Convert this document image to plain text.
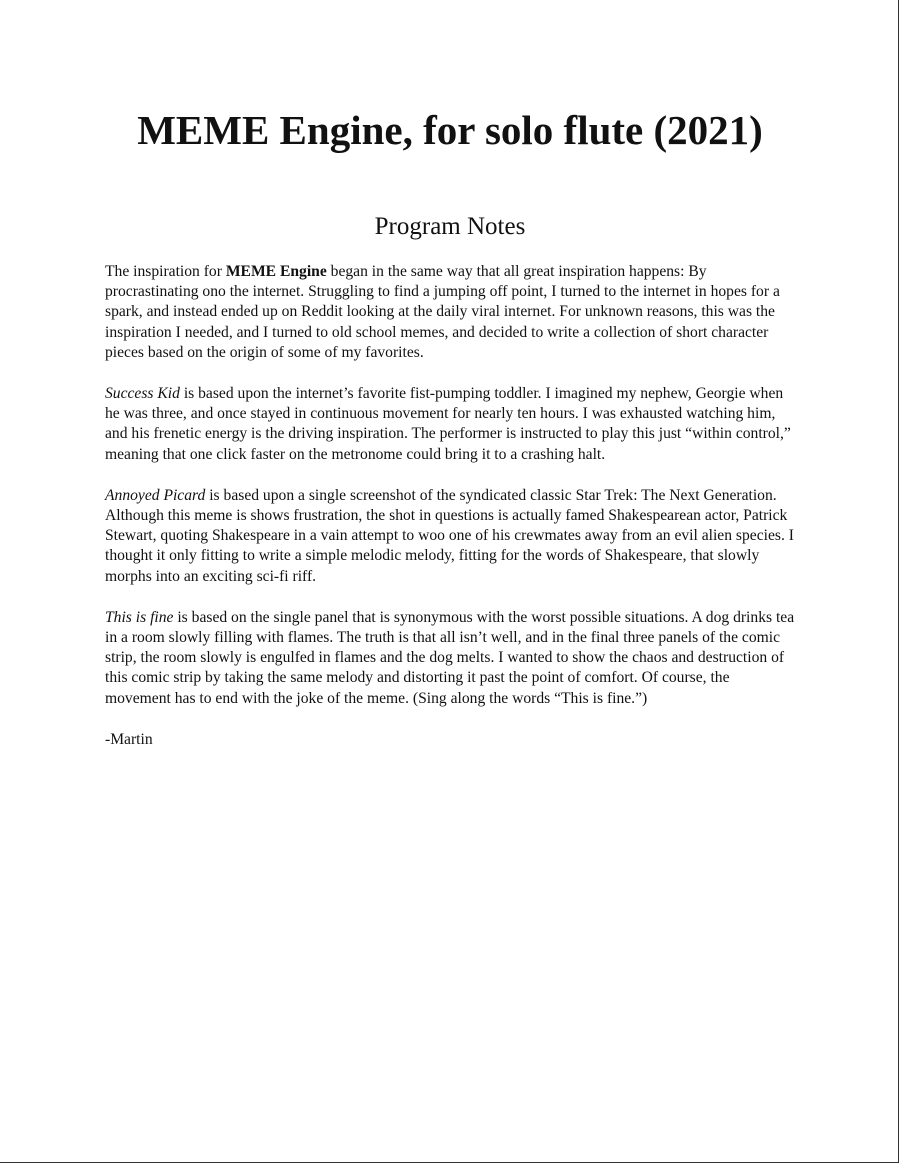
MEME Engine, for solo flute (2021)
Program Notes

The inspiration for MEME Engine began in the same way that all great inspiration happens: By procrastinating ono the internet. Struggling to find a jumping off point, I turned to the internet in hopes for a spark, and instead ended up on Reddit looking at the daily viral internet. For unknown reasons, this was the inspiration I needed, and I turned to old school memes, and decided to write a collection of short character pieces based on the origin of some of my favorites.

Success Kid is based upon the internet’s favorite fist-pumping toddler. I imagined my nephew, Georgie when he was three, and once stayed in continuous movement for nearly ten hours. I was exhausted watching him, and his frenetic energy is the driving inspiration. The performer is instructed to play this just “within control,” meaning that one click faster on the metronome could bring it to a crashing halt.

Annoyed Picard is based upon a single screenshot of the syndicated classic Star Trek: The Next Generation. Although this meme is shows frustration, the shot in questions is actually famed Shakespearean actor, Patrick Stewart, quoting Shakespeare in a vain attempt to woo one of his crewmates away from an evil alien species. I thought it only fitting to write a simple melodic melody, fitting for the words of Shakespeare, that slowly morphs into an exciting sci-fi riff.

This is fine is based on the single panel that is synonymous with the worst possible situations. A dog drinks tea in a room slowly filling with flames. The truth is that all isn’t well, and in the final three panels of the comic strip, the room slowly is engulfed in flames and the dog melts. I wanted to show the chaos and destruction of this comic strip by taking the same melody and distorting it past the point of comfort. Of course, the movement has to end with the joke of the meme. (Sing along the words “This is fine.”)

-Martin
